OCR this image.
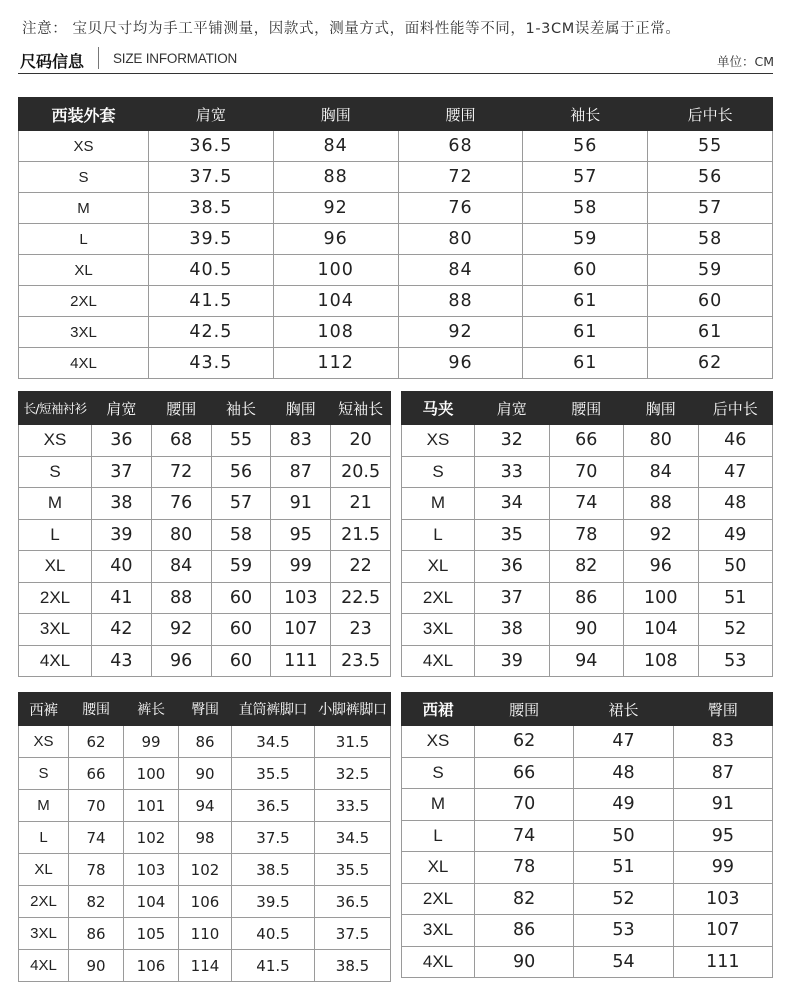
注意： 宝贝尺寸均为手工平铺测量，因款式，测量方式，面料性能等不同，1-3CM误差属于正常。
尺码信息 SIZE INFORMATION	单位：CM
西装外套	肩宽	胸围	腰围	袖长	后中长
XS	36.5	84	68	56	55
S	37.5	88	72	57	56
M	38.5	92	76	58	57
L	39.5	96	80	59	58
XL	40.5	100	84	60	59
2XL	41.5	104	88	61	60
3XL	42.5	108	92	61	61
4XL	43.5	112	96	61	62
长/短袖衬衫	肩宽	腰围	袖长	胸围	短袖长
XS	36	68	55	83	20
S	37	72	56	87	20.5
M	38	76	57	91	21
L	39	80	58	95	21.5
XL	40	84	59	99	22
2XL	41	88	60	103	22.5
3XL	42	92	60	107	23
4XL	43	96	60	111	23.5
马夹	肩宽	腰围	胸围	后中长
XS	32	66	80	46
S	33	70	84	47
M	34	74	88	48
L	35	78	92	49
XL	36	82	96	50
2XL	37	86	100	51
3XL	38	90	104	52
4XL	39	94	108	53
西裤	腰围	裤长	臀围	直筒裤脚口	小脚裤脚口
XS	62	99	86	34.5	31.5
S	66	100	90	35.5	32.5
M	70	101	94	36.5	33.5
L	74	102	98	37.5	34.5
XL	78	103	102	38.5	35.5
2XL	82	104	106	39.5	36.5
3XL	86	105	110	40.5	37.5
4XL	90	106	114	41.5	38.5
西裙	腰围	裙长	臀围
XS	62	47	83
S	66	48	87
M	70	49	91
L	74	50	95
XL	78	51	99
2XL	82	52	103
3XL	86	53	107
4XL	90	54	111
